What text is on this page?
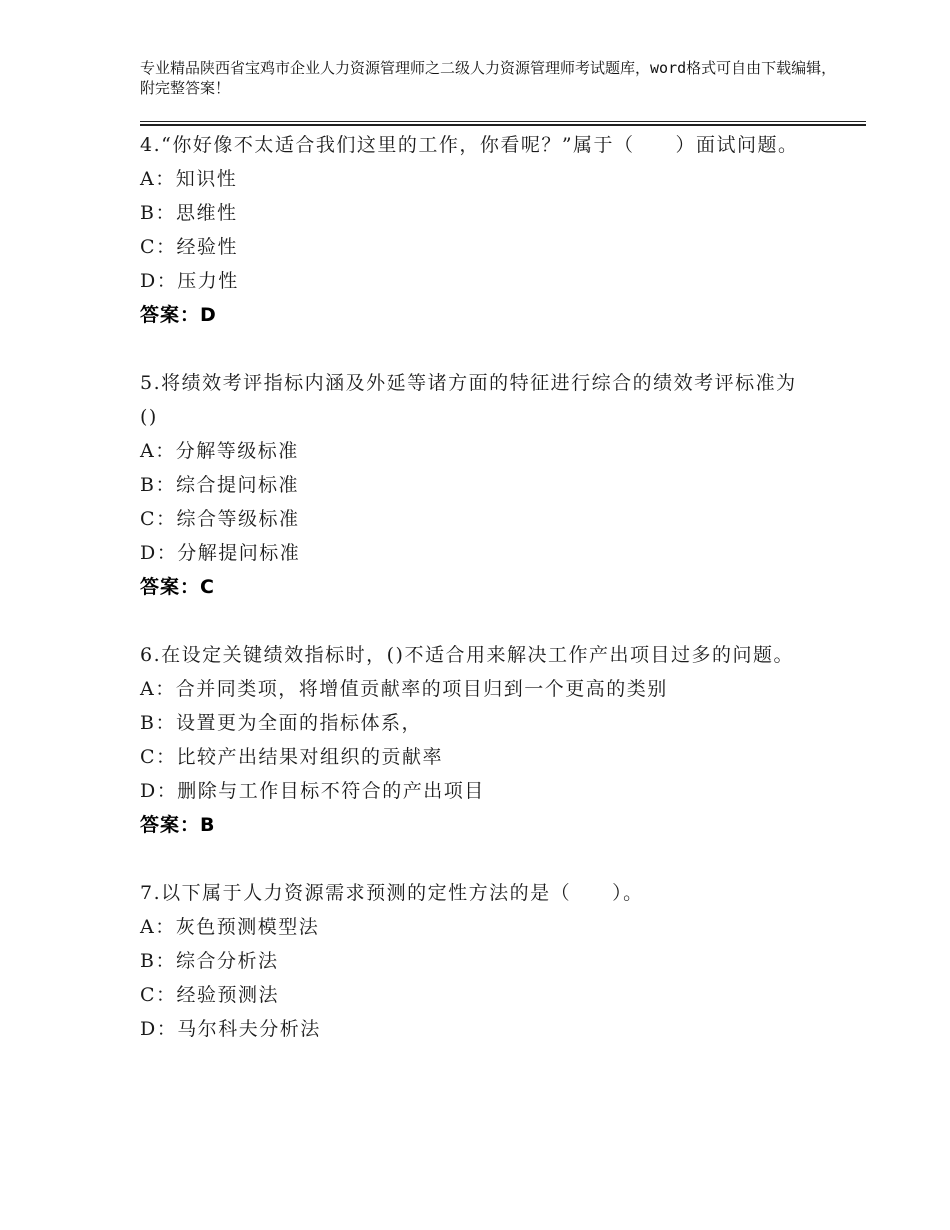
专业精品陕西省宝鸡市企业人力资源管理师之二级人力资源管理师考试题库，word格式可自由下载编辑，附完整答案！

4.“你好像不太适合我们这里的工作，你看呢？”属于（　　）面试问题。

A：知识性

B：思维性

C：经验性

D：压力性

答案：D

5.将绩效考评指标内涵及外延等诸方面的特征进行综合的绩效考评标准为()

A：分解等级标准

B：综合提问标准

C：综合等级标准

D：分解提问标准

答案：C

6.在设定关键绩效指标时，()不适合用来解决工作产出项目过多的问题。

A：合并同类项，将增值贡献率的项目归到一个更高的类别

B：设置更为全面的指标体系，

C：比较产出结果对组织的贡献率

D：删除与工作目标不符合的产出项目

答案：B

7.以下属于人力资源需求预测的定性方法的是（　　）。

A：灰色预测模型法

B：综合分析法

C：经验预测法

D：马尔科夫分析法
